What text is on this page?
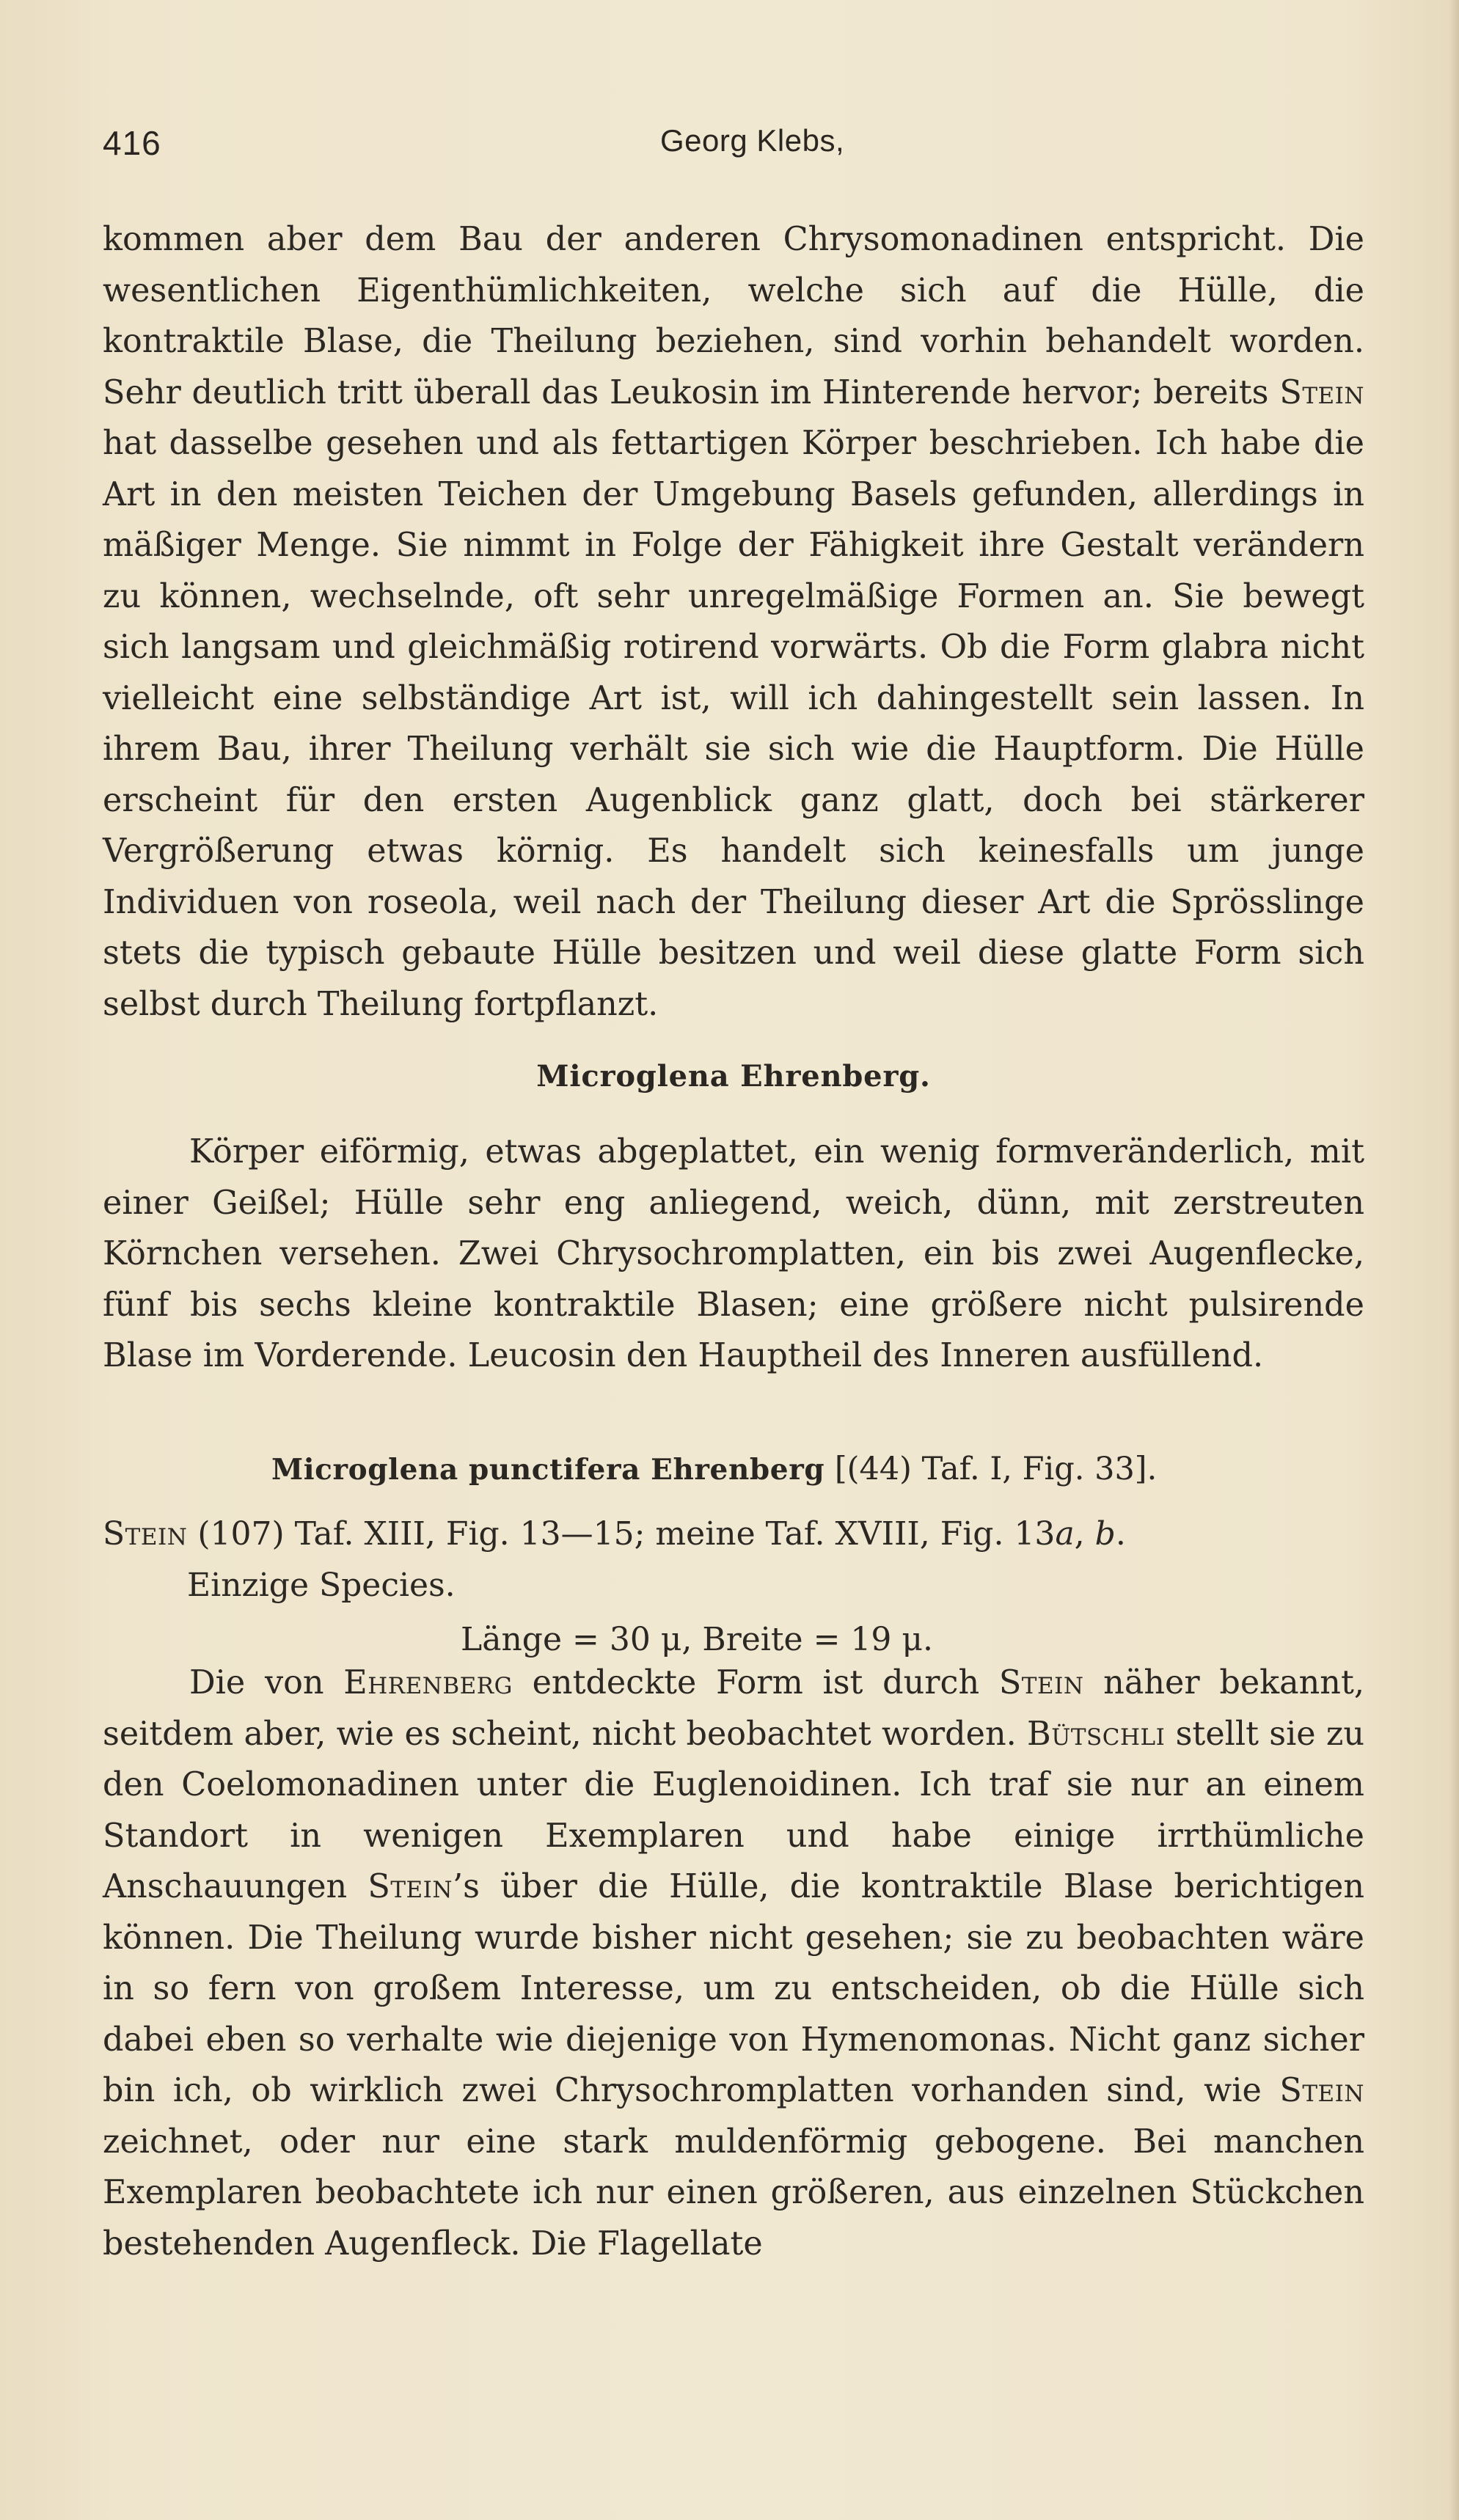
416	Georg Klebs,
kommen aber dem Bau der anderen Chrysomonadinen entspricht. Die wesentlichen Eigenthümlichkeiten, welche sich auf die Hülle, die kontraktile Blase, die Theilung beziehen, sind vorhin behandelt worden. Sehr deutlich tritt überall das Leukosin im Hinterende hervor; bereits Stein hat dasselbe gesehen und als fettartigen Körper beschrieben. Ich habe die Art in den meisten Teichen der Umgebung Basels gefunden, allerdings in mäßiger Menge. Sie nimmt in Folge der Fähigkeit ihre Gestalt verändern zu können, wechselnde, oft sehr unregelmäßige Formen an. Sie bewegt sich langsam und gleichmäßig rotirend vorwärts. Ob die Form glabra nicht vielleicht eine selbständige Art ist, will ich dahingestellt sein lassen. In ihrem Bau, ihrer Theilung verhält sie sich wie die Hauptform. Die Hülle erscheint für den ersten Augenblick ganz glatt, doch bei stärkerer Vergrößerung etwas körnig. Es handelt sich keinesfalls um junge Individuen von roseola, weil nach der Theilung dieser Art die Sprösslinge stets die typisch gebaute Hülle besitzen und weil diese glatte Form sich selbst durch Theilung fortpflanzt.
Microglena Ehrenberg.
Körper eiförmig, etwas abgeplattet, ein wenig formveränderlich, mit einer Geißel; Hülle sehr eng anliegend, weich, dünn, mit zerstreuten Körnchen versehen. Zwei Chrysochromplatten, ein bis zwei Augenflecke, fünf bis sechs kleine kontraktile Blasen; eine größere nicht pulsirende Blase im Vorderende. Leucosin den Hauptheil des Inneren ausfüllend.
Microglena punctifera Ehrenberg [(44) Taf. I, Fig. 33].
Stein (107) Taf. XIII, Fig. 13—15; meine Taf. XVIII, Fig. 13a, b.
Einzige Species.
Länge = 30 μ, Breite = 19 μ.
Die von Ehrenberg entdeckte Form ist durch Stein näher bekannt, seitdem aber, wie es scheint, nicht beobachtet worden. Bütschli stellt sie zu den Coelomonadinen unter die Euglenoidinen. Ich traf sie nur an einem Standort in wenigen Exemplaren und habe einige irrthümliche Anschauungen Stein’s über die Hülle, die kontraktile Blase berichtigen können. Die Theilung wurde bisher nicht gesehen; sie zu beobachten wäre in so fern von großem Interesse, um zu entscheiden, ob die Hülle sich dabei eben so verhalte wie diejenige von Hymenomonas. Nicht ganz sicher bin ich, ob wirklich zwei Chrysochromplatten vorhanden sind, wie Stein zeichnet, oder nur eine stark muldenförmig gebogene. Bei manchen Exemplaren beobachtete ich nur einen größeren, aus einzelnen Stückchen bestehenden Augenfleck. Die Flagellate
